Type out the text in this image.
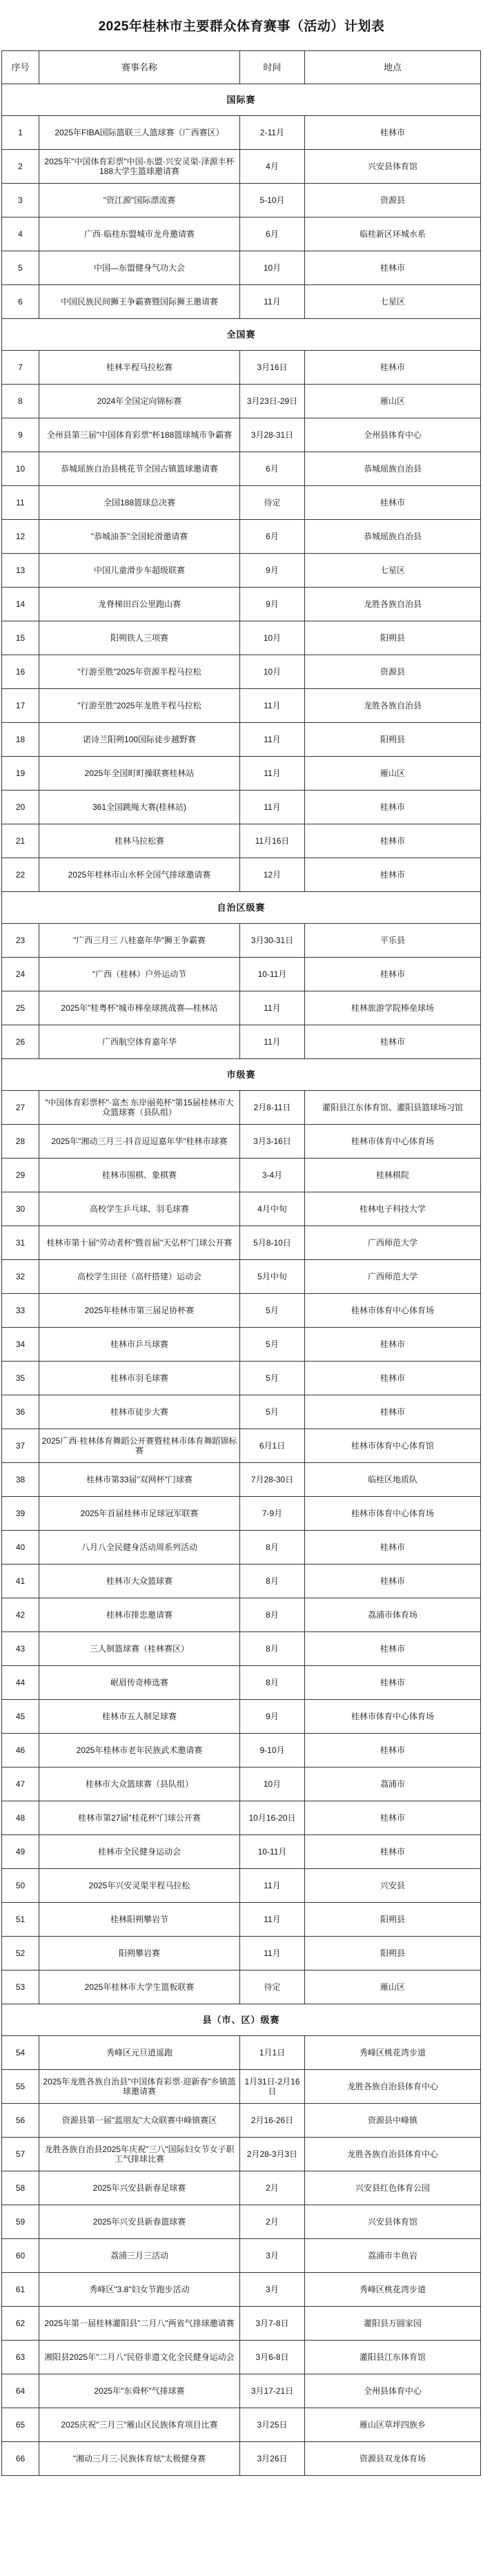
2025年桂林市主要群众体育赛事（活动）计划表
序号	赛事名称	时间	地点
国际赛			
1	2025年FIBA国际篮联三人篮球赛（广西赛区）	2-11月	桂林市
2	2025年"中国体育彩票"中国-东盟·兴安灵渠·泽源丰杯188大学生篮球邀请赛	4月	兴安县体育馆
3	"资江源"国际漂流赛	5-10月	资源县
4	广西·临桂东盟城市龙舟邀请赛	6月	临桂新区环城水系
5	中国—东盟健身气功大会	10月	桂林市
6	中国民族民间狮王争霸赛暨国际狮王邀请赛	11月	七星区
全国赛			
7	桂林半程马拉松赛	3月16日	桂林市
8	2024年全国定向锦标赛	3月23日-29日	雁山区
9	全州县第三届"中国体育彩票"杯188篮球城市争霸赛	3月28-31日	全州县体育中心
10	恭城瑶族自治县桃花节全国古镇篮球邀请赛	6月	恭城瑶族自治县
11	全国188篮球总决赛	待定	桂林市
12	"恭城油茶"全国轮滑邀请赛	6月	恭城瑶族自治县
13	中国儿童滑步车超级联赛	9月	七星区
14	龙脊梯田百公里跑山赛	9月	龙胜各族自治县
15	阳朔铁人三项赛	10月	阳朔县
16	"行游至胜"2025年资源半程马拉松	10月	资源县
17	"行游至胜"2025年龙胜半程马拉松	11月	龙胜各族自治县
18	诺诗兰阳朔100国际徒步越野赛	11月	阳朔县
19	2025年全国町町操联赛桂林站	11月	雁山区
20	361全国跳绳大赛(桂林站)	11月	桂林市
21	桂林马拉松赛	11月16日	桂林市
22	2025年桂林市山水杯全国气排球邀请赛	12月	桂林市
自治区级赛			
23	"广西三月三 八桂嘉年华"狮王争霸赛	3月30-31日	平乐县
24	"广西（桂林）户外运动节	10-11月	桂林市
25	2025年"桂粤杯"城市棒垒球挑战赛—桂林站	11月	桂林旅游学院棒垒球场
26	广西航空体育嘉年华	11月	桂林市
市级赛			
27	"中国体育彩票杯"·富杰 东岸丽苑杯"第15届桂林市大众篮球赛（县队组）	2月8-11日	灌阳县江东体育馆、灌阳县篮球场习馆
28	2025年"湘动三月三·抖音逗逗嘉年华"桂林市球赛	3月3-16日	桂林市体育中心体育场
29	桂林市围棋、象棋赛	3-4月	桂林棋院
30	高校学生乒乓球、羽毛球赛	4月中旬	桂林电子科技大学
31	桂林市第十届"劳动者杯"暨首届"天弘杯"门球公开赛	5月8-10日	广西师范大学
32	高校学生田径（高杆搭建）运动会	5月中旬	广西师范大学
33	2025年桂林市第三届足协杯赛	5月	桂林市体育中心体育场
34	桂林市乒乓球赛	5月	桂林市
35	桂林市羽毛球赛	5月	桂林市
36	桂林市徒步大赛	5月	桂林市
37	2025广西·桂林体育舞蹈公开赛暨桂林市体育舞蹈锦标赛	6月1日	桂林市体育中心体育馆
38	桂林市第33届"双网杯"门球赛	7月28-30日	临桂区地质队
39	2025年首届桂林市足球冠军联赛	7-9月	桂林市体育中心体育场
40	八月八全民健身活动周系列活动	8月	桂林市
41	桂林市大众篮球赛	8月	桂林市
42	桂林市排忠邀请赛	8月	荔浦市体育场
43	三人制篮球赛（桂林赛区）	8月	桂林市
44	岷眉传奇棒选赛	8月	桂林市
45	桂林市五人制足球赛	9月	桂林市体育中心体育场
46	2025年桂林市老年民族武术邀请赛	9-10月	桂林市
47	桂林市大众篮球赛（县队组）	10月	荔浦市
48	桂林市第27届"桂花杯"门球公开赛	10月16-20日	桂林市
49	桂林市全民健身运动会	10-11月	桂林市
50	2025年兴安灵渠半程马拉松	11月	兴安县
51	桂林阳朔攀岩节	11月	阳朔县
52	阳朔攀岩赛	11月	阳朔县
53	2025年桂林市大学生篮板联赛	待定	雁山区
县（市、区）级赛			
54	秀峰区元旦逍遥跑	1月1日	秀峰区桃花湾步道
55	2025年龙胜各族自治县"中国体育彩票·迎新春"乡镇篮球邀请赛	1月31日-2月16日	龙胜各族自治县体育中心
56	资源县第一届"蓝朋友"大众联赛中峰镇赛区	2月16-26日	资源县中峰镇
57	龙胜各族自治县2025年庆祝"三八"国际妇女节女子职工气排球比赛	2月28-3月3日	龙胜各族自治县体育中心
58	2025年兴安县新春足球赛	2月	兴安县红色体育公园
59	2025年兴安县新春篮球赛	2月	兴安县体育馆
60	荔浦三月三活动	3月	荔浦市丰鱼岩
61	秀峰区"3.8"妇女节跑步活动	3月	秀峰区桃花湾步道
62	2025年第一届桂林灌阳县"二月八"两省气排球邀请赛	3月7-8日	灌阳县万圆家园
63	湘阳县2025年"二月八"民俗非遗文化全民健身运动会	3月6-8日	灌阳县江东体育馆
64	2025年"东舜杯"气排球赛	3月17-21日	全州县体育中心
65	2025庆祝"三月三"雁山区民族体育项目比赛	3月25日	雁山区草坪四族乡
66	"湘动三月三·民族体育炫"太极健身赛	3月26日	资源县双龙体育场
